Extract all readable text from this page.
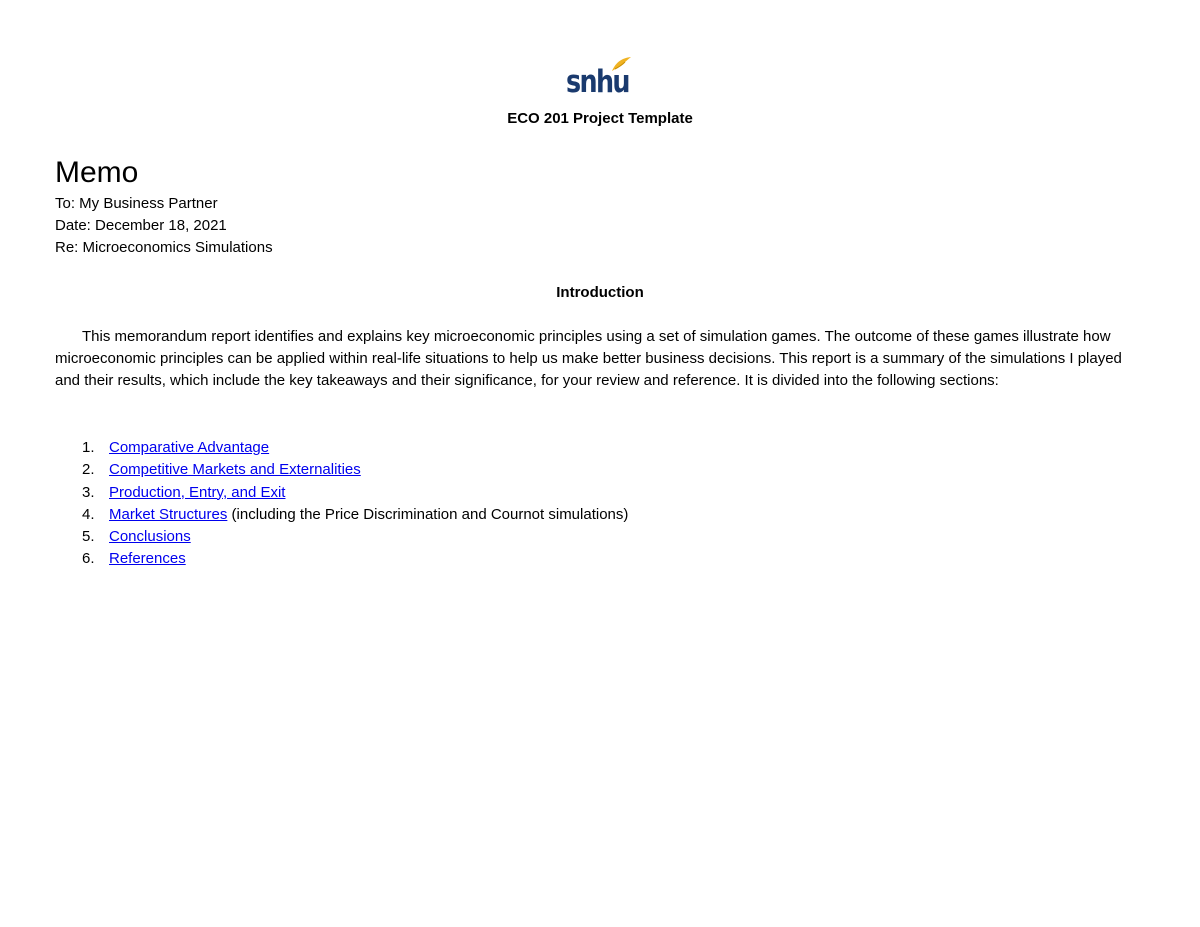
snhu
ECO 201 Project Template
Memo
To: My Business Partner
Date: December 18, 2021
Re: Microeconomics Simulations
Introduction

This memorandum report identifies and explains key microeconomic principles using a set of simulation games. The outcome of these games illustrate how microeconomic principles can be applied within real-life situations to help us make better business decisions. This report is a summary of the simulations I played and their results, which include the key takeaways and their significance, for your review and reference. It is divided into the following sections:

1. Comparative Advantage
2. Competitive Markets and Externalities
3. Production, Entry, and Exit
4. Market Structures (including the Price Discrimination and Cournot simulations)
5. Conclusions
6. References
